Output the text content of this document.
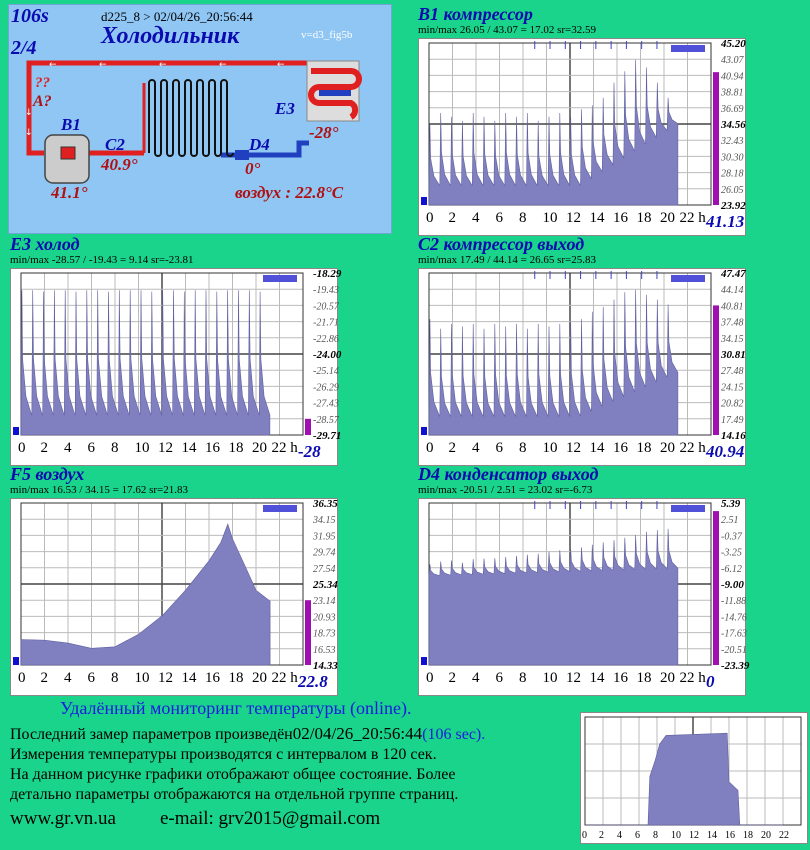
←
←
←
←
←
↓
↓
106s
2/4
d225_8 > 02/04/26_20:56:44
Холодильник	v=d3_fig5b
??
A?
B1
41.1°
C2
40.9°
D4
0°
E3
-28°
воздух : 22.8°C
B1 компрессор
min/max 26.05 / 43.07 = 17.02 sr=32.59
45.20
43.07
40.94
38.81
36.69
34.56
32.43
30.30
28.18
26.05
23.92
0 2 4 6 8 10 12 14 16 18 20 22 h 41.13
E3 холод
min/max -28.57 / -19.43 = 9.14 sr=-23.81
-18.29
-19.43
-20.57
-21.71
-22.86
-24.00
-25.14
-26.29
-27.43
-28.57
-29.71
0 2 4 6 8 10 12 14 16 18 20 22 h -28
F5 воздух
min/max 16.53 / 34.15 = 17.62 sr=21.83
36.35
34.15
31.95
29.74
27.54
25.34
23.14
20.93
18.73
16.53
14.33
0 2 4 6 8 10 12 14 16 18 20 22 h 22.8
C2 компрессор выход
min/max 17.49 / 44.14 = 26.65 sr=25.83
47.47
44.14
40.81
37.48
34.15
30.81
27.48
24.15
20.82
17.49
14.16
0 2 4 6 8 10 12 14 16 18 20 22 h 40.94
D4 конденсатор выход
min/max -20.51 / 2.51 = 23.02 sr=-6.73
5.39
2.51
-0.37
-3.25
-6.12
-9.00
-11.88
-14.76
-17.63
-20.51
-23.39
0 2 4 6 8 10 12 14 16 18 20 22 h 0
0 2 4 6 8 10 12 14 16 18 20 22
Удалённый мониторинг температуры (online).
Последний замер параметров произведён02/04/26_20:56:44(106 sec).
Измерения температуры производятся с интервалом в 120 сек.
На данном рисунке графики отображают общее состояние. Более
детально параметры отображаются на отдельной группе страниц.
www.gr.vn.ua e-mail: grv2015@gmail.com
